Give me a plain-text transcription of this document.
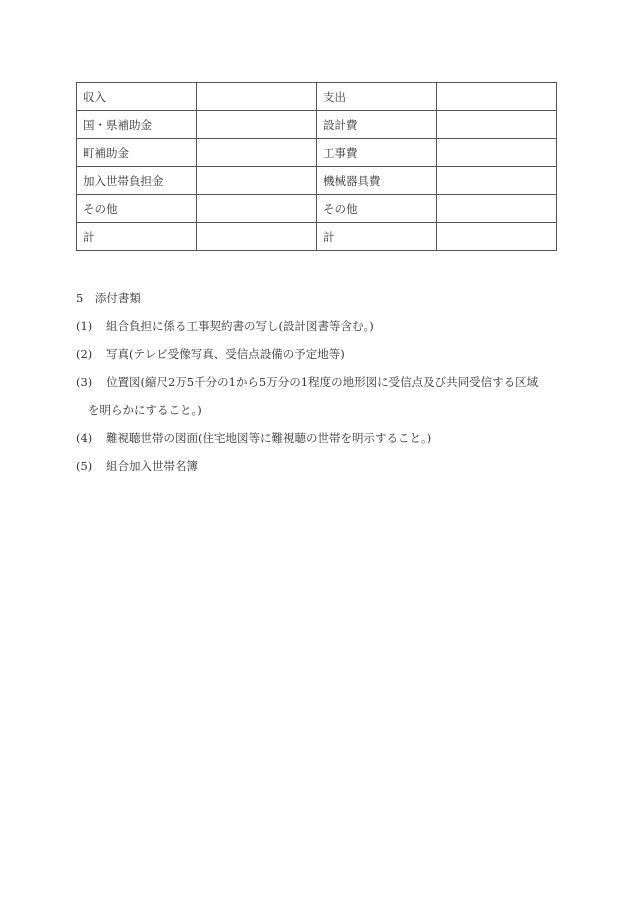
収入		支出	
国・県補助金		設計費	
町補助金		工事費	
加入世帯負担金		機械器具費	
その他		その他	
計		計	
5　添付書類
(1) 組合負担に係る工事契約書の写し(設計図書等含む。)
(2) 写真(テレビ受像写真、受信点設備の予定地等)
(3) 位置図(縮尺2万5千分の1から5万分の1程度の地形図に受信点及び共同受信する区域
を明らかにすること。)
(4) 難視聴世帯の図面(住宅地図等に難視聴の世帯を明示すること。)
(5) 組合加入世帯名簿
